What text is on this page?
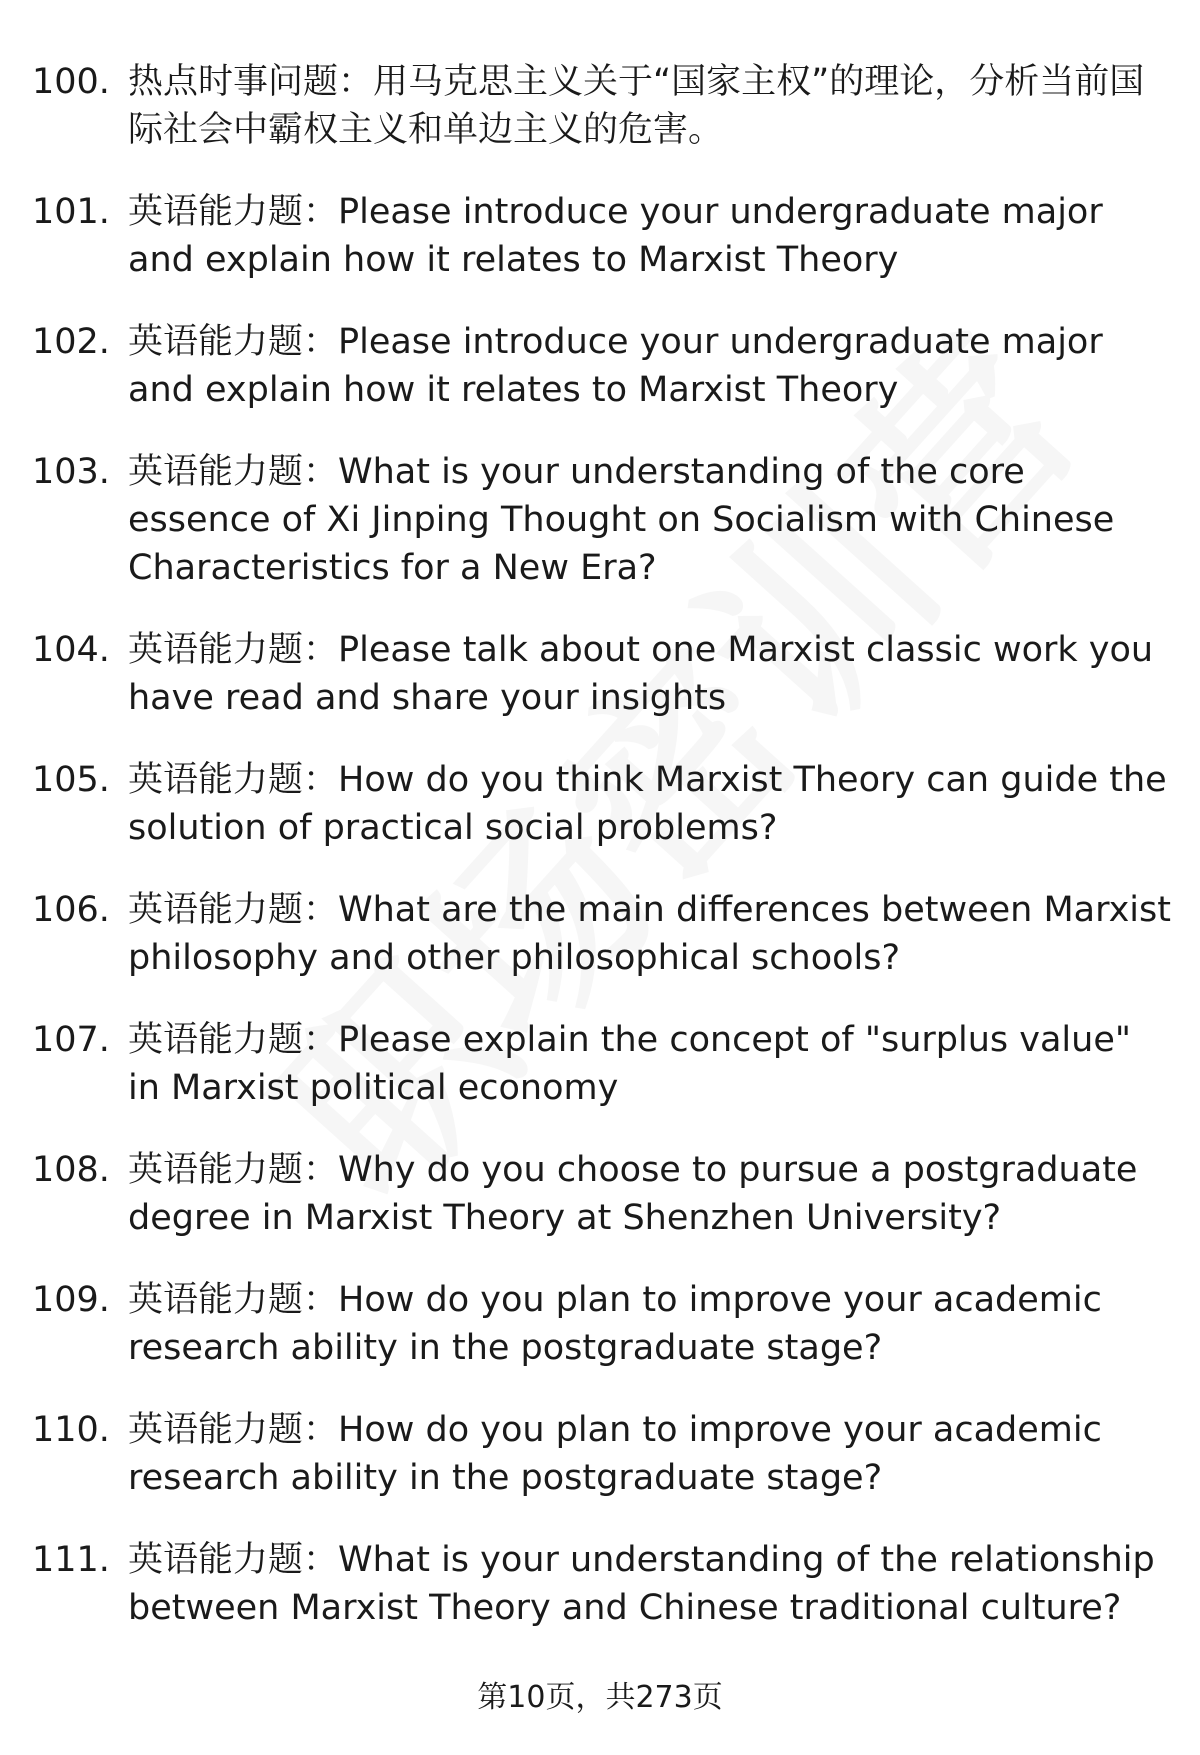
100. 热点时事问题：用马克思主义关于“国家主权”的理论，分析当前国际社会中霸权主义和单边主义的危害。
101. 英语能力题：Please introduce your undergraduate major and explain how it relates to Marxist Theory
102. 英语能力题：Please introduce your undergraduate major and explain how it relates to Marxist Theory
103. 英语能力题：What is your understanding of the core essence of Xi Jinping Thought on Socialism with Chinese Characteristics for a New Era?
104. 英语能力题：Please talk about one Marxist classic work you have read and share your insights
105. 英语能力题：How do you think Marxist Theory can guide the solution of practical social problems?
106. 英语能力题：What are the main differences between Marxist philosophy and other philosophical schools?
107. 英语能力题：Please explain the concept of "surplus value" in Marxist political economy
108. 英语能力题：Why do you choose to pursue a postgraduate degree in Marxist Theory at Shenzhen University?
109. 英语能力题：How do you plan to improve your academic research ability in the postgraduate stage?
110. 英语能力题：How do you plan to improve your academic research ability in the postgraduate stage?
111. 英语能力题：What is your understanding of the relationship between Marxist Theory and Chinese traditional culture?
第10页，共273页
